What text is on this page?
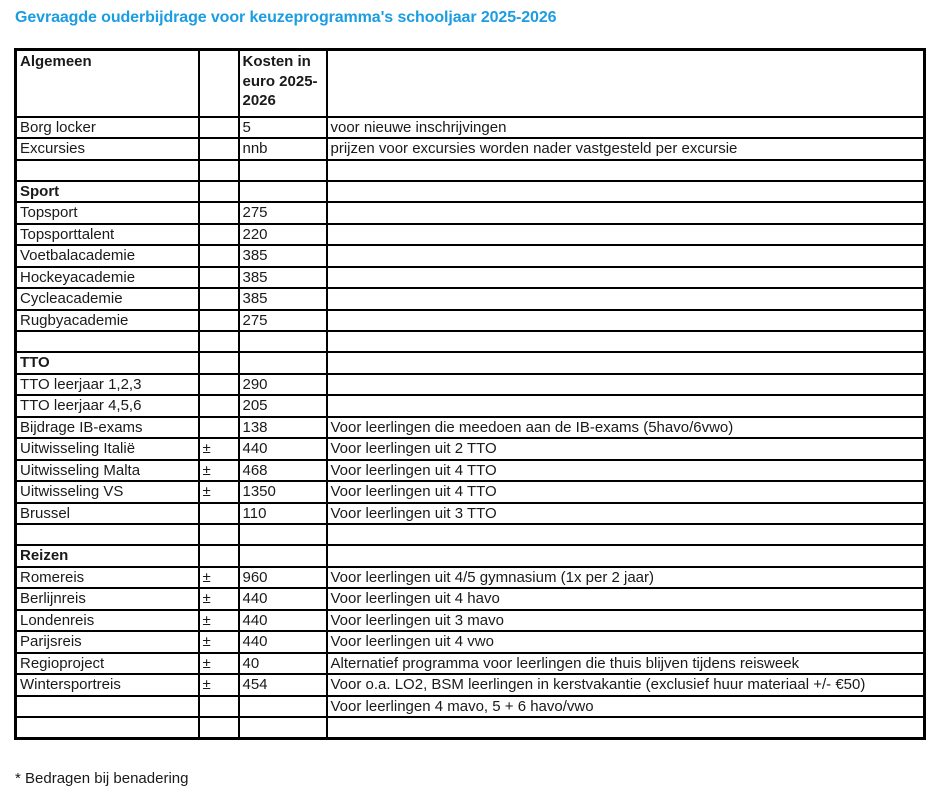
Gevraagde ouderbijdrage voor keuzeprogramma's schooljaar 2025-2026
Algemeen		Kosten in euro 2025-2026	
Borg locker		5	voor nieuwe inschrijvingen
Excursies		nnb	prijzen voor excursies worden nader vastgesteld per excursie

Sport			
Topsport		275	
Topsporttalent		220	
Voetbalacademie		385	
Hockeyacademie		385	
Cycleacademie		385	
Rugbyacademie		275	

TTO			
TTO leerjaar 1,2,3		290	
TTO leerjaar 4,5,6		205	
Bijdrage IB-exams		138	Voor leerlingen die meedoen aan de IB-exams (5havo/6vwo)
Uitwisseling Italië	±	440	Voor leerlingen uit 2 TTO
Uitwisseling Malta	±	468	Voor leerlingen uit 4 TTO
Uitwisseling VS	±	1350	Voor leerlingen uit 4 TTO
Brussel		110	Voor leerlingen uit 3 TTO

Reizen			
Romereis	±	960	Voor leerlingen uit 4/5 gymnasium (1x per 2 jaar)
Berlijnreis	±	440	Voor leerlingen uit 4 havo
Londenreis	±	440	Voor leerlingen uit 3 mavo
Parijsreis	±	440	Voor leerlingen uit 4 vwo
Regioproject	±	40	Alternatief programma voor leerlingen die thuis blijven tijdens reisweek
Wintersportreis	±	454	Voor o.a. LO2, BSM leerlingen in kerstvakantie (exclusief huur materiaal +/- €50)
			Voor leerlingen 4 mavo, 5 + 6 havo/vwo

* Bedragen bij benadering
